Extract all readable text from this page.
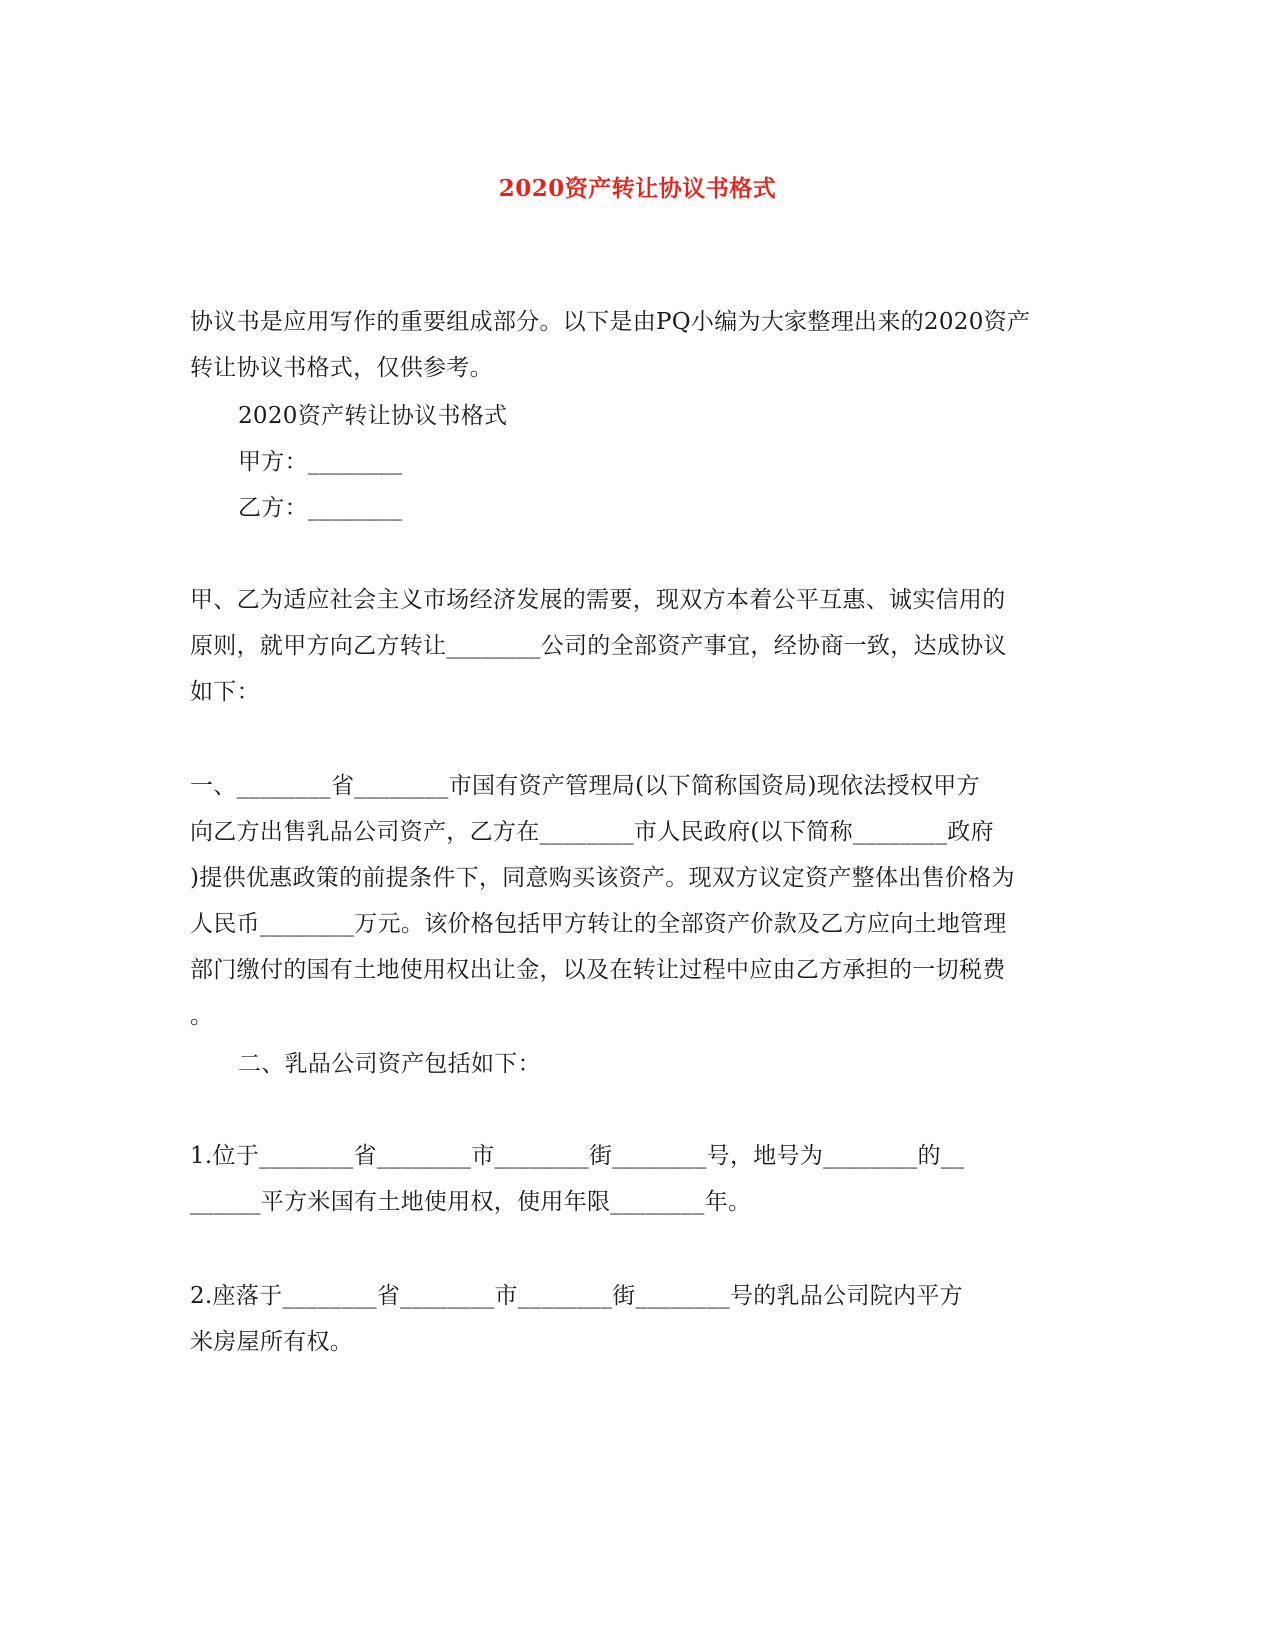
2020资产转让协议书格式
协议书是应用写作的重要组成部分。以下是由PQ小编为大家整理出来的2020资产
转让协议书格式，仅供参考。
2020资产转让协议书格式
甲方：________
乙方：________
甲、乙为适应社会主义市场经济发展的需要，现双方本着公平互惠、诚实信用的
原则，就甲方向乙方转让________公司的全部资产事宜，经协商一致，达成协议
如下：
一、________省________市国有资产管理局(以下简称国资局)现依法授权甲方
向乙方出售乳品公司资产，乙方在________市人民政府(以下简称________政府
)提供优惠政策的前提条件下，同意购买该资产。现双方议定资产整体出售价格为
人民币________万元。该价格包括甲方转让的全部资产价款及乙方应向土地管理
部门缴付的国有土地使用权出让金，以及在转让过程中应由乙方承担的一切税费
。
二、乳品公司资产包括如下：
1.位于________省________市________街________号，地号为________的__
______平方米国有土地使用权，使用年限________年。
2.座落于________省________市________街________号的乳品公司院内平方
米房屋所有权。
